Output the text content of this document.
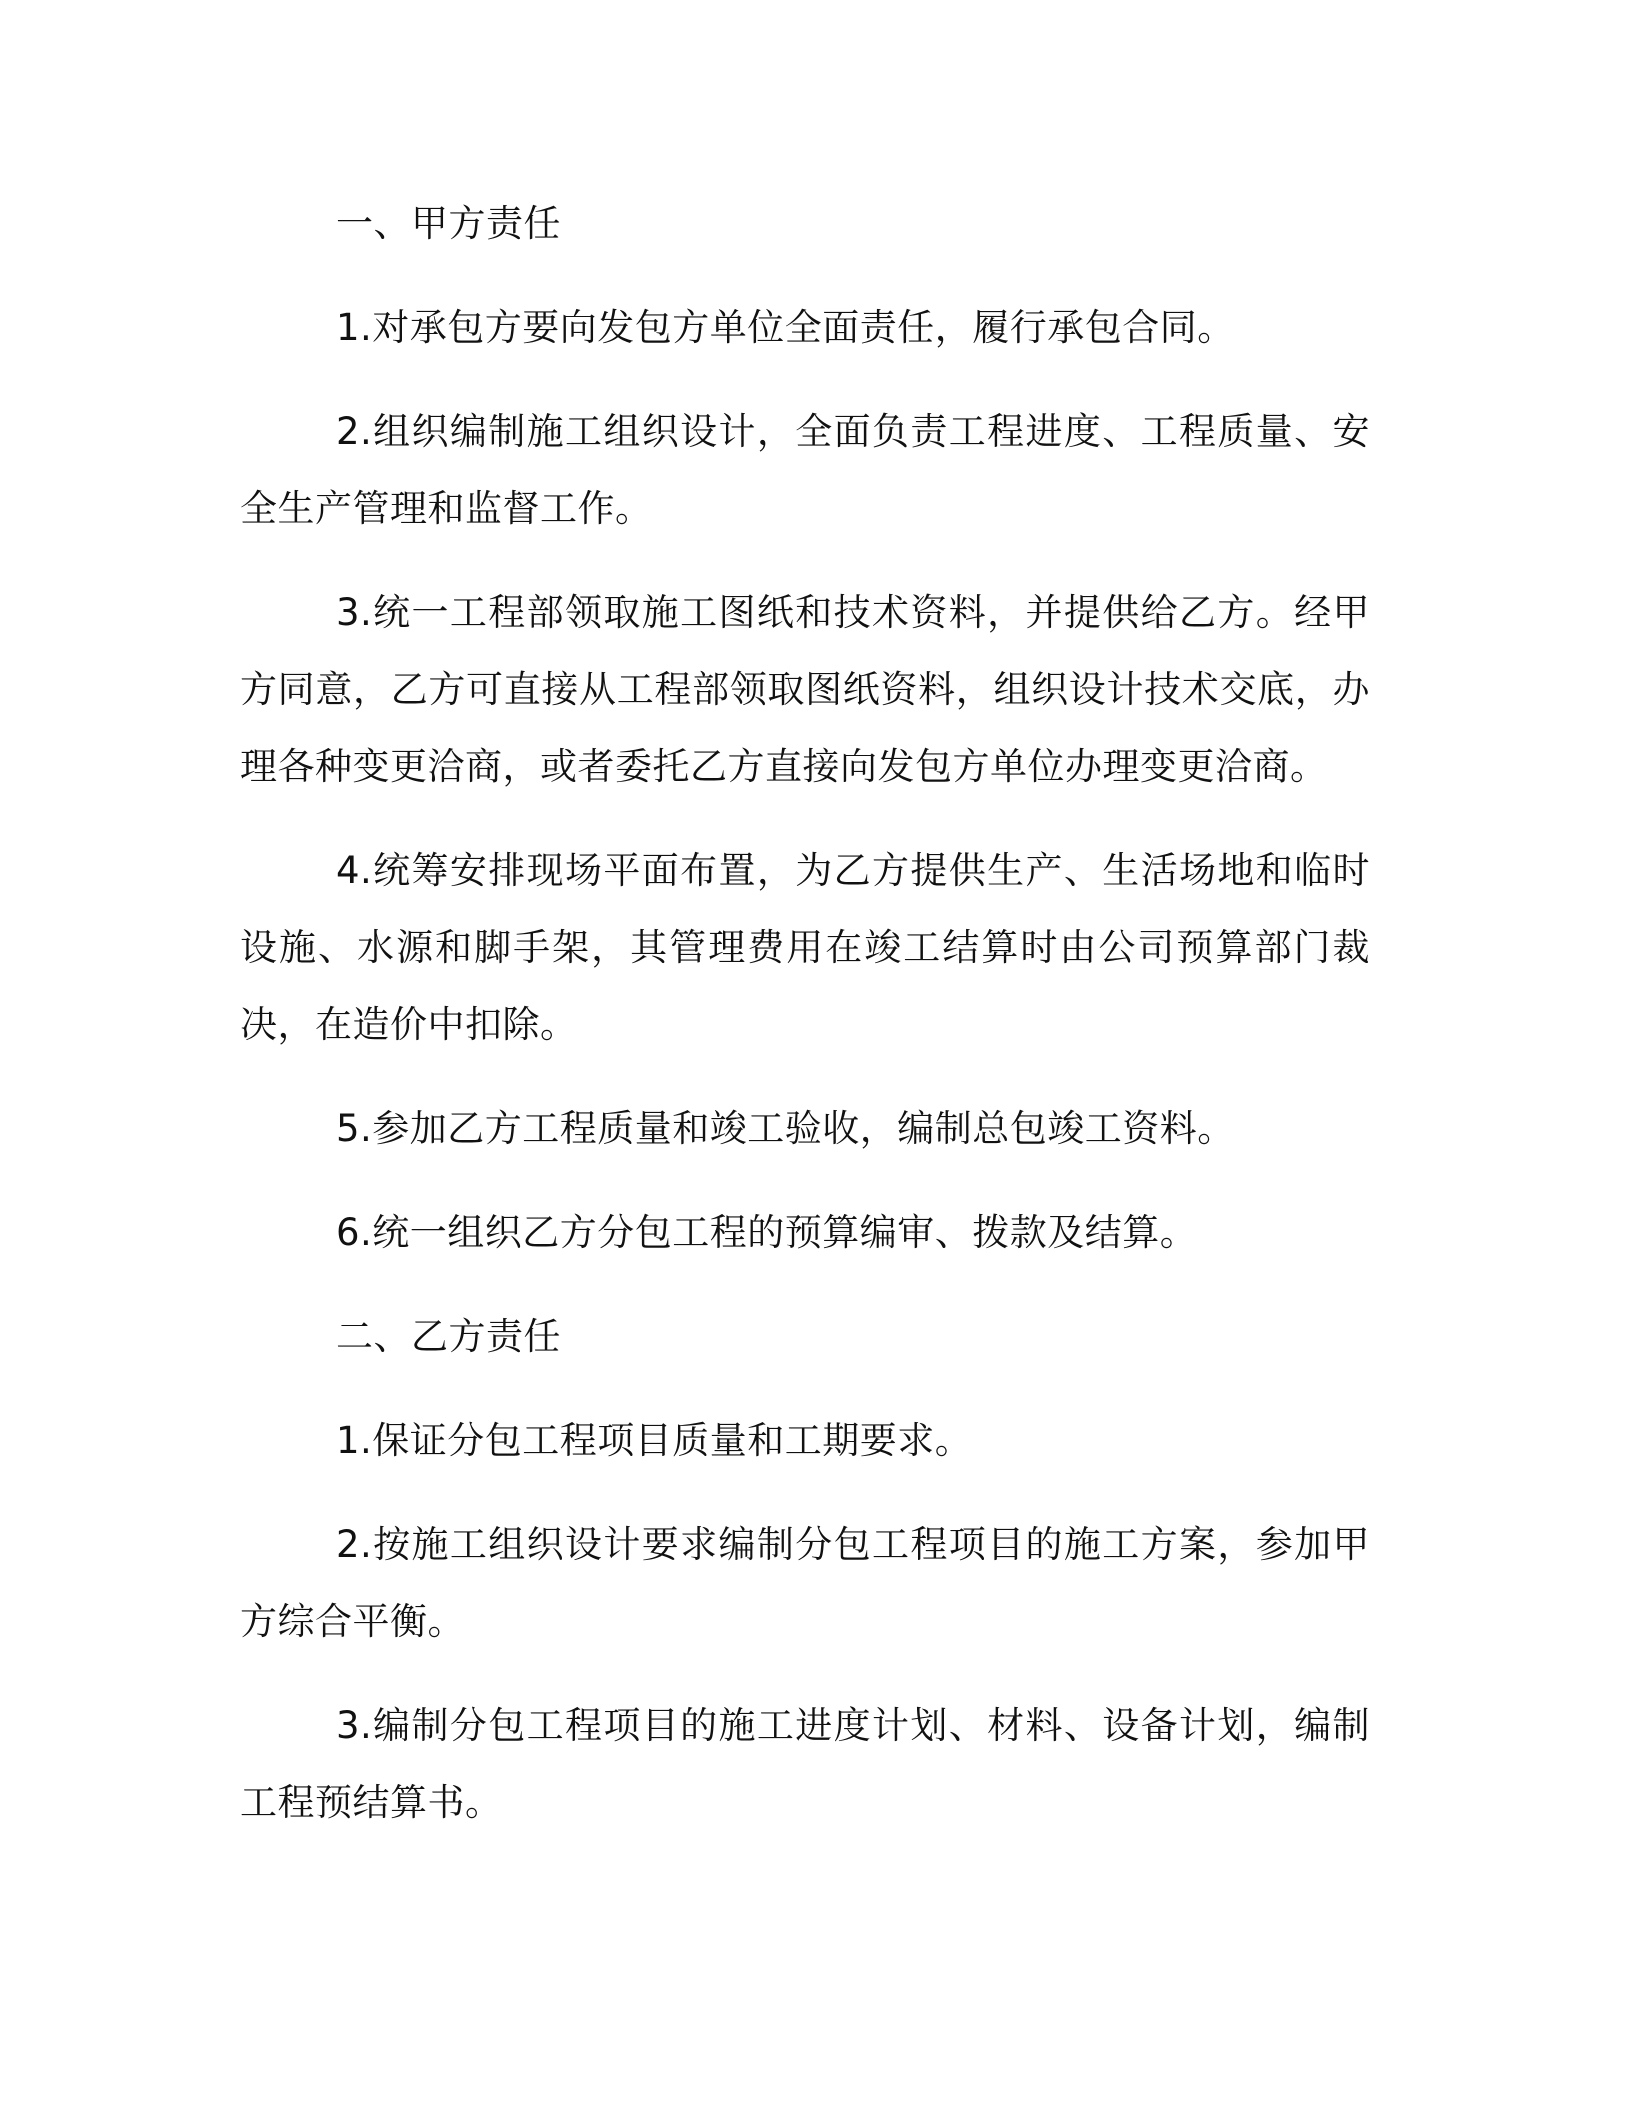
一、甲方责任

1.对承包方要向发包方单位全面责任，履行承包合同。

2.组织编制施工组织设计，全面负责工程进度、工程质量、安全生产管理和监督工作。

3.统一工程部领取施工图纸和技术资料，并提供给乙方。经甲方同意，乙方可直接从工程部领取图纸资料，组织设计技术交底，办理各种变更洽商，或者委托乙方直接向发包方单位办理变更洽商。

4.统筹安排现场平面布置，为乙方提供生产、生活场地和临时设施、水源和脚手架，其管理费用在竣工结算时由公司预算部门裁决，在造价中扣除。

5.参加乙方工程质量和竣工验收，编制总包竣工资料。

6.统一组织乙方分包工程的预算编审、拨款及结算。

二、乙方责任

1.保证分包工程项目质量和工期要求。

2.按施工组织设计要求编制分包工程项目的施工方案，参加甲方综合平衡。

3.编制分包工程项目的施工进度计划、材料、设备计划，编制工程预结算书。
